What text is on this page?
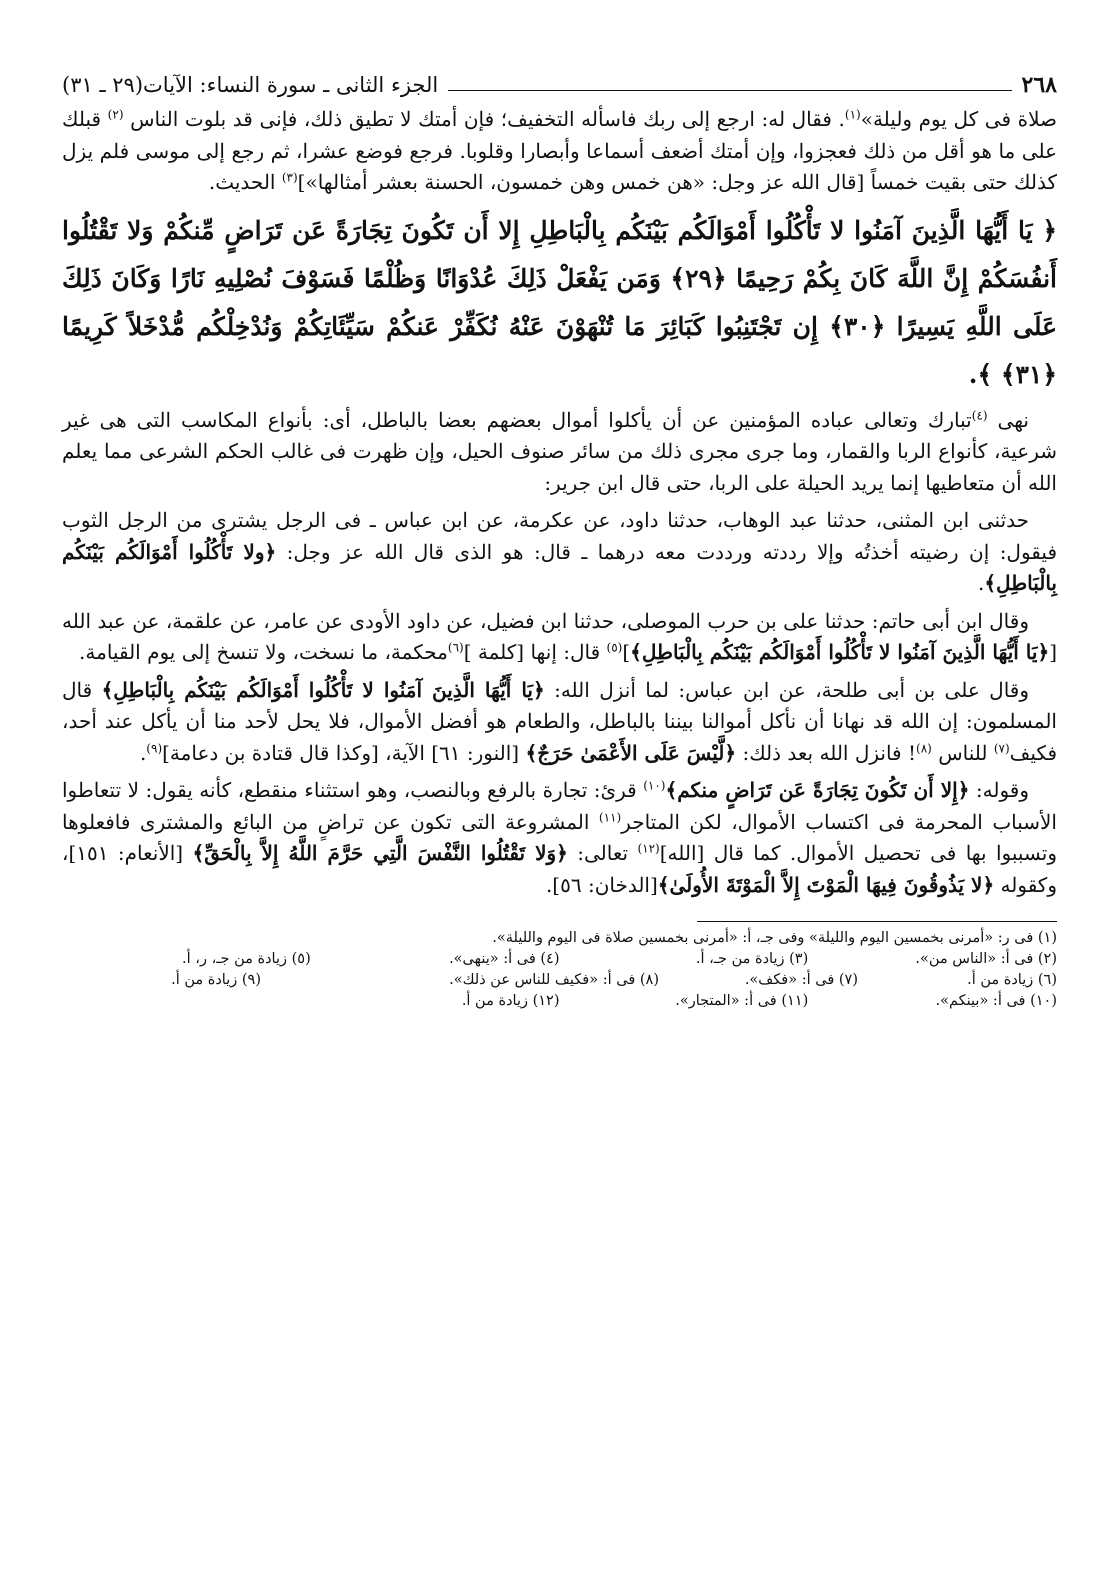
٢٦٨
الجزء الثانى ـ سورة النساء: الآيات(٢٩ ـ ٣١)

صلاة فى كل يوم وليلة»$^{(١)}$. فقال له: ارجع إلى ربك فاسأله التخفيف؛ فإن أمتك لا تطيق ذلك، فإنى قد بلوت الناس $^{(٢)}$ قبلك على ما هو أقل من ذلك فعجزوا، وإن أمتك أضعف أسماعا وأبصارا وقلوبا. فرجع فوضع عشرا، ثم رجع إلى موسى فلم يزل كذلك حتى بقيت خمساً [قال الله عز وجل: «هن خمس وهن خمسون، الحسنة بعشر أمثالها»]$^{(٣)}$ الحديث.

﴿ يَا أَيُّهَا الَّذِينَ آمَنُوا لا تَأْكُلُوا أَمْوَالَكُم بَيْنَكُم بِالْبَاطِلِ إِلا أَن تَكُونَ تِجَارَةً عَن تَرَاضٍ مِّنكُمْ وَلا تَقْتُلُوا أَنفُسَكُمْ إِنَّ اللَّهَ كَانَ بِكُمْ رَحِيمًا ﴿٢٩﴾ وَمَن يَفْعَلْ ذَلِكَ عُدْوَانًا وَظُلْمًا فَسَوْفَ نُصْلِيهِ نَارًا وَكَانَ ذَلِكَ عَلَى اللَّهِ يَسِيرًا ﴿٣٠﴾ إِن تَجْتَنِبُوا كَبَائِرَ مَا تُنْهَوْنَ عَنْهُ نُكَفِّرْ عَنكُمْ سَيِّئَاتِكُمْ وَنُدْخِلْكُم مُّدْخَلاً كَرِيمًا ﴿٣١﴾ ﴾.

نهى $^{(٤)}$تبارك وتعالى عباده المؤمنين عن أن يأكلوا أموال بعضهم بعضا بالباطل، أى: بأنواع المكاسب التى هى غير شرعية، كأنواع الربا والقمار، وما جرى مجرى ذلك من سائر صنوف الحيل، وإن ظهرت فى غالب الحكم الشرعى مما يعلم الله أن متعاطيها إنما يريد الحيلة على الربا، حتى قال ابن جرير:

حدثنى ابن المثنى، حدثنا عبد الوهاب، حدثنا داود، عن عكرمة، عن ابن عباس ـ فى الرجل يشترى من الرجل الثوب فيقول: إن رضيته أخذتُه وإلا رددته ورددت معه درهما ـ قال: هو الذى قال الله عز وجل: ﴿ولا تَأْكُلُوا أَمْوَالَكُم بَيْنَكُم بِالْبَاطِلِ﴾.

وقال ابن أبى حاتم: حدثنا على بن حرب الموصلى، حدثنا ابن فضيل، عن داود الأودى عن عامر، عن علقمة، عن عبد الله [﴿يَا أَيُّهَا الَّذِينَ آمَنُوا لا تَأْكُلُوا أَمْوَالَكُم بَيْنَكُم بِالْبَاطِلِ﴾]$^{(٥)}$ قال: إنها [كلمة ]$^{(٦)}$محكمة، ما نسخت، ولا تنسخ إلى يوم القيامة.

وقال على بن أبى طلحة، عن ابن عباس: لما أنزل الله: ﴿يَا أَيُّهَا الَّذِينَ آمَنُوا لا تَأْكُلُوا أَمْوَالَكُم بَيْنَكُم بِالْبَاطِلِ﴾ قال المسلمون: إن الله قد نهانا أن نأكل أموالنا بيننا بالباطل، والطعام هو أفضل الأموال، فلا يحل لأحد منا أن يأكل عند أحد، فكيف$^{(٧)}$ للناس $^{(٨)}$! فانزل الله بعد ذلك: ﴿لَّيْسَ عَلَى الأَعْمَىٰ حَرَجٌ﴾ [النور: ٦١] الآية، [وكذا قال قتادة بن دعامة]$^{(٩)}$.

وقوله: ﴿إِلا أَن تَكُونَ تِجَارَةً عَن تَرَاضٍ منكم﴾$^{(١٠)}$ قرئ: تجارة بالرفع وبالنصب، وهو استثناء منقطع، كأنه يقول: لا تتعاطوا الأسباب المحرمة فى اكتساب الأموال، لكن المتاجر$^{(١١)}$ المشروعة التى تكون عن تراضٍ من البائع والمشترى فافعلوها وتسببوا بها فى تحصيل الأموال. كما قال [الله]$^{(١٢)}$ تعالى: ﴿وَلا تَقْتُلُوا النَّفْسَ الَّتِي حَرَّمَ اللَّهُ إِلاَّ بِالْحَقِّ﴾ [الأنعام: ١٥١]، وكقوله ﴿لا يَذُوقُونَ فِيهَا الْمَوْتَ إِلاَّ الْمَوْتَةَ الأُولَىٰ﴾[الدخان: ٥٦].

(١) فى ر: «أمرنى بخمسين اليوم والليلة» وفى جـ، أ: «أمرنى بخمسين صلاة فى اليوم والليلة».
(٢) فى أ: «الناس من».
(٣) زيادة من جـ، أ.
(٤) فى أ: «ينهى».
(٥) زيادة من جـ، ر، أ.
(٦) زيادة من أ.
(٧) فى أ: «فكف».
(٨) فى أ: «فكيف للناس عن ذلك».
(٩) زيادة من أ.
(١٠) فى أ: «بينكم».
(١١) فى أ: «المتجار».
(١٢) زيادة من أ.
